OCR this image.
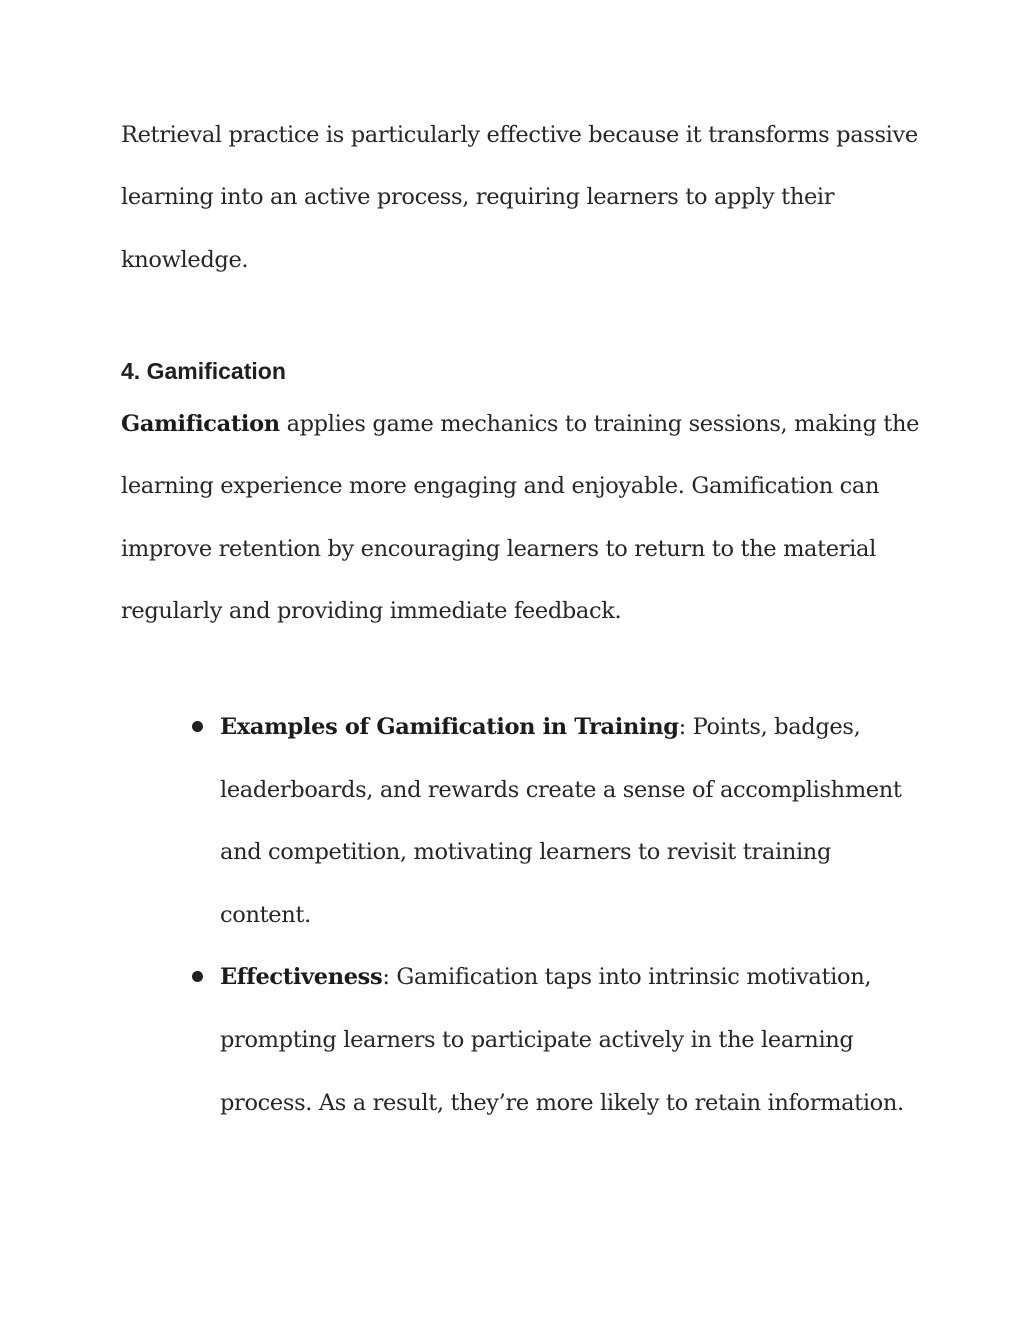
Retrieval practice is particularly effective because it transforms passive learning into an active process, requiring learners to apply their knowledge.

4. Gamification

Gamification applies game mechanics to training sessions, making the learning experience more engaging and enjoyable. Gamification can improve retention by encouraging learners to return to the material regularly and providing immediate feedback.

Examples of Gamification in Training: Points, badges, leaderboards, and rewards create a sense of accomplishment and competition, motivating learners to revisit training content.
Effectiveness: Gamification taps into intrinsic motivation, prompting learners to participate actively in the learning process. As a result, they’re more likely to retain information.
